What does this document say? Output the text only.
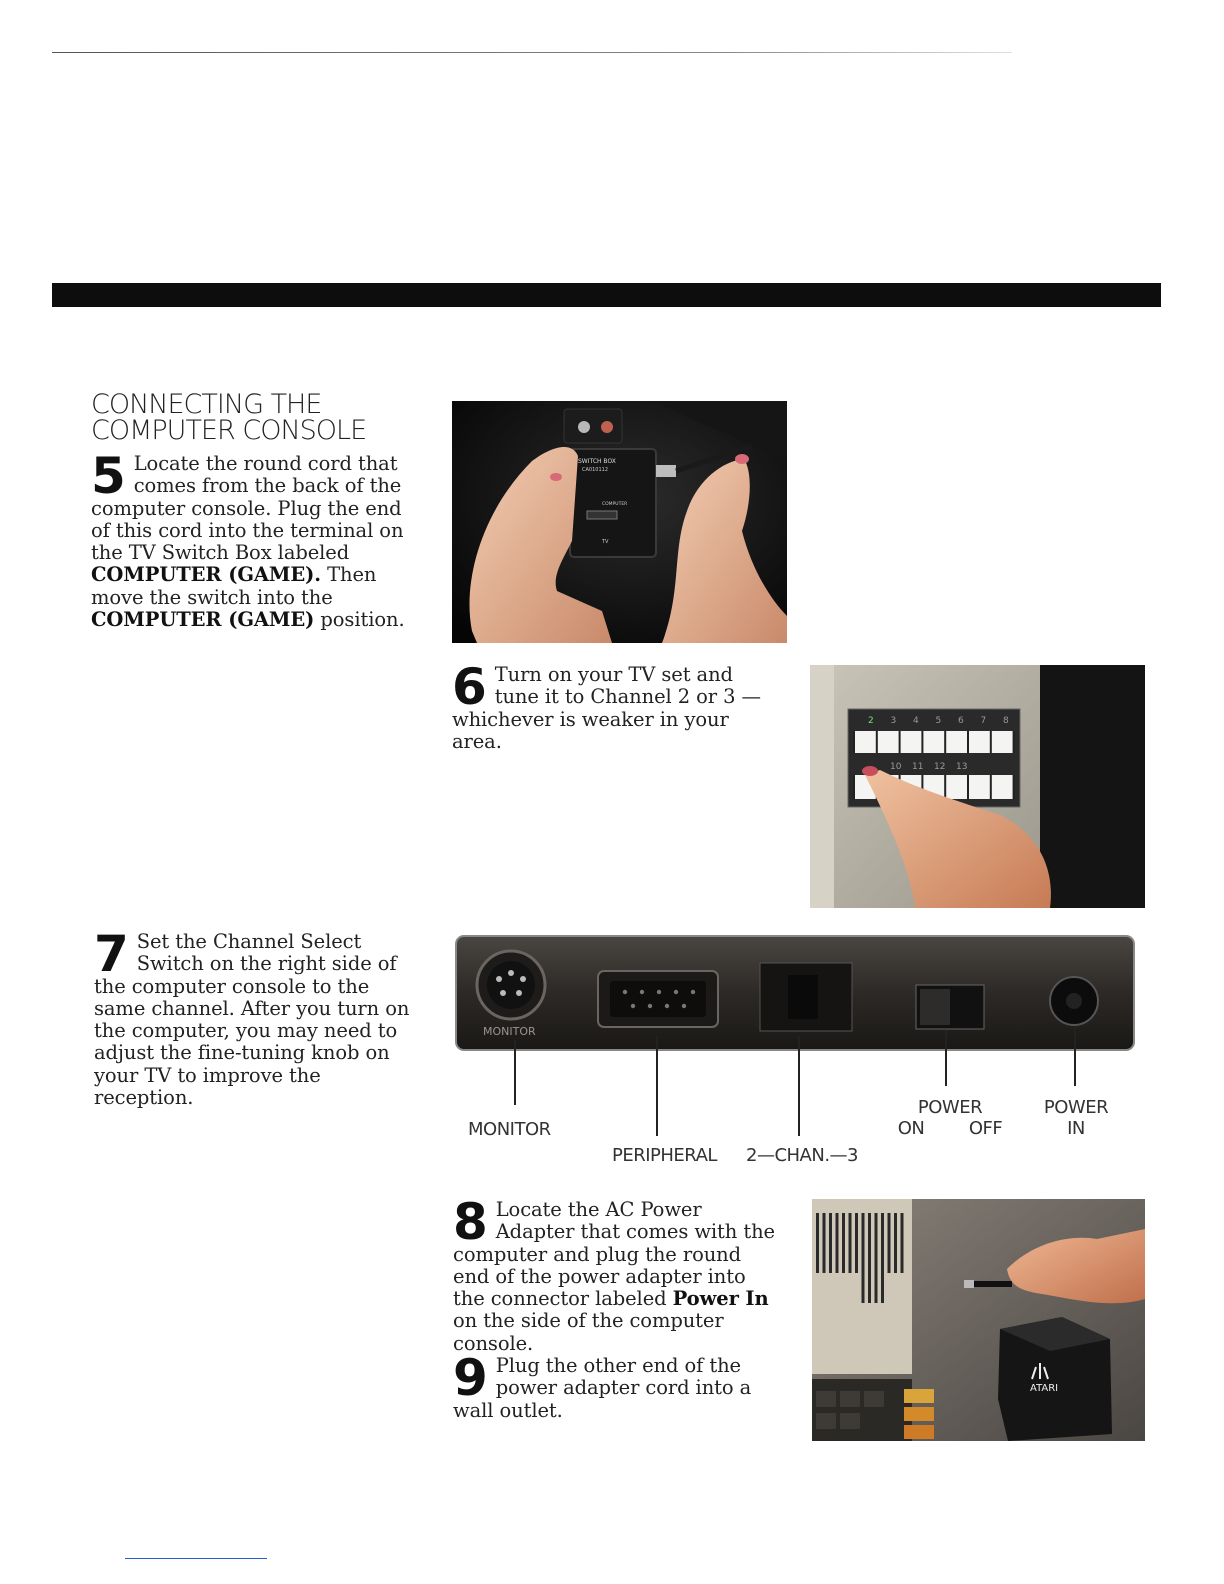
CONNECTING THE
COMPUTER CONSOLE
5 Locate the round cord that comes from the back of the computer console. Plug the end of this cord into the terminal on the TV Switch Box labeled COMPUTER (GAME). Then move the switch into the COMPUTER (GAME) position.
SWITCH BOX
CA010112
COMPUTER
TV
6 Turn on your TV set and tune it to Channel 2 or 3 — whichever is weaker in your area.
2 3 4 5 6 7 8
10 11 12 13
7 Set the Channel Select Switch on the right side of the computer console to the same channel. After you turn on the computer, you may need to adjust the fine-tuning knob on your TV to improve the reception.
MONITOR
MONITOR
PERIPHERAL 2—CHAN.—3
POWER
ON OFF
POWER
IN
8 Locate the AC Power Adapter that comes with the computer and plug the round end of the power adapter into the connector labeled Power In on the side of the computer console.
9 Plug the other end of the power adapter cord into a wall outlet.
ATARI
